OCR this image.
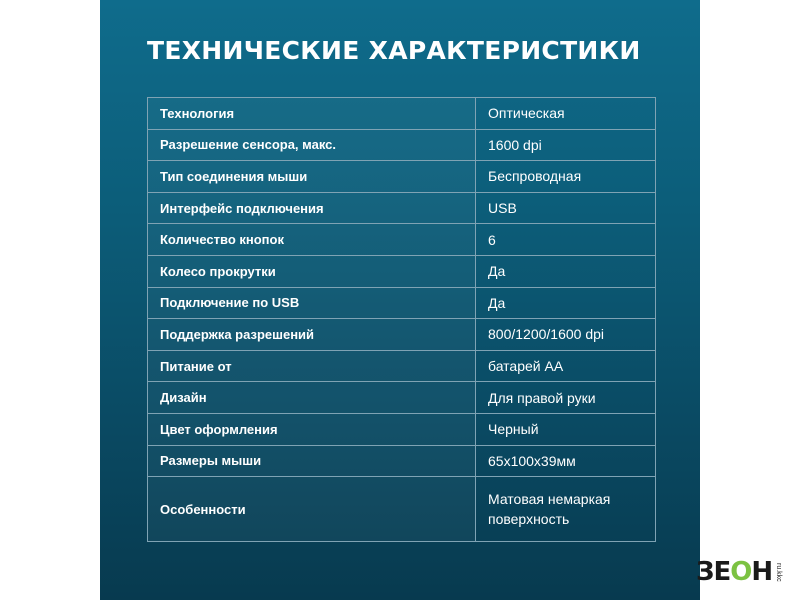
ТЕХНИЧЕСКИЕ ХАРАКТЕРИСТИКИ
Технология	Оптическая
Разрешение сенсора, макс.	1600 dpi
Тип соединения мыши	Беспроводная
Интерфейс подключения	USB
Количество кнопок	6
Колесо прокрутки	Да
Подключение по USB	Да
Поддержка разрешений	800/1200/1600 dpi
Питание от	батарей АА
Дизайн	Для правой руки
Цвет оформления	Черный
Размеры мыши	65x100x39мм
Особенности	Матовая немаркая поверхность
ЗЕОН ru.kkc
